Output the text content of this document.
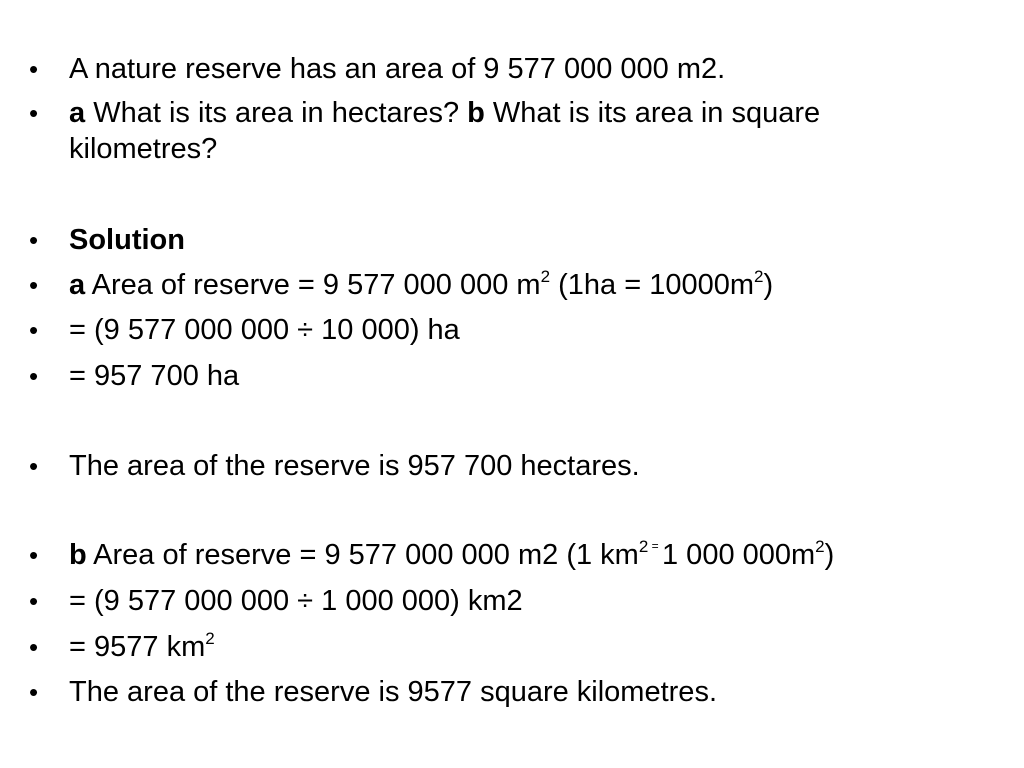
• A nature reserve has an area of 9 577 000 000 m2.
• a What is its area in hectares? b What is its area in square
kilometres?
• Solution
• a Area of reserve = 9 577 000 000 $m^2$ $(1ha = 10000m^2)$
• = (9 577 000 000 ÷ 10 000) ha
• = 957 700 ha
• The area of the reserve is 957 700 hectares.
• b Area of reserve = 9 577 000 000 m2 (1 $km^2$ = 1 000 $000m^2$)
• = (9 577 000 000 ÷ 1 000 000) km2
• = 9577 $km^2$
• The area of the reserve is 9577 square kilometres.
